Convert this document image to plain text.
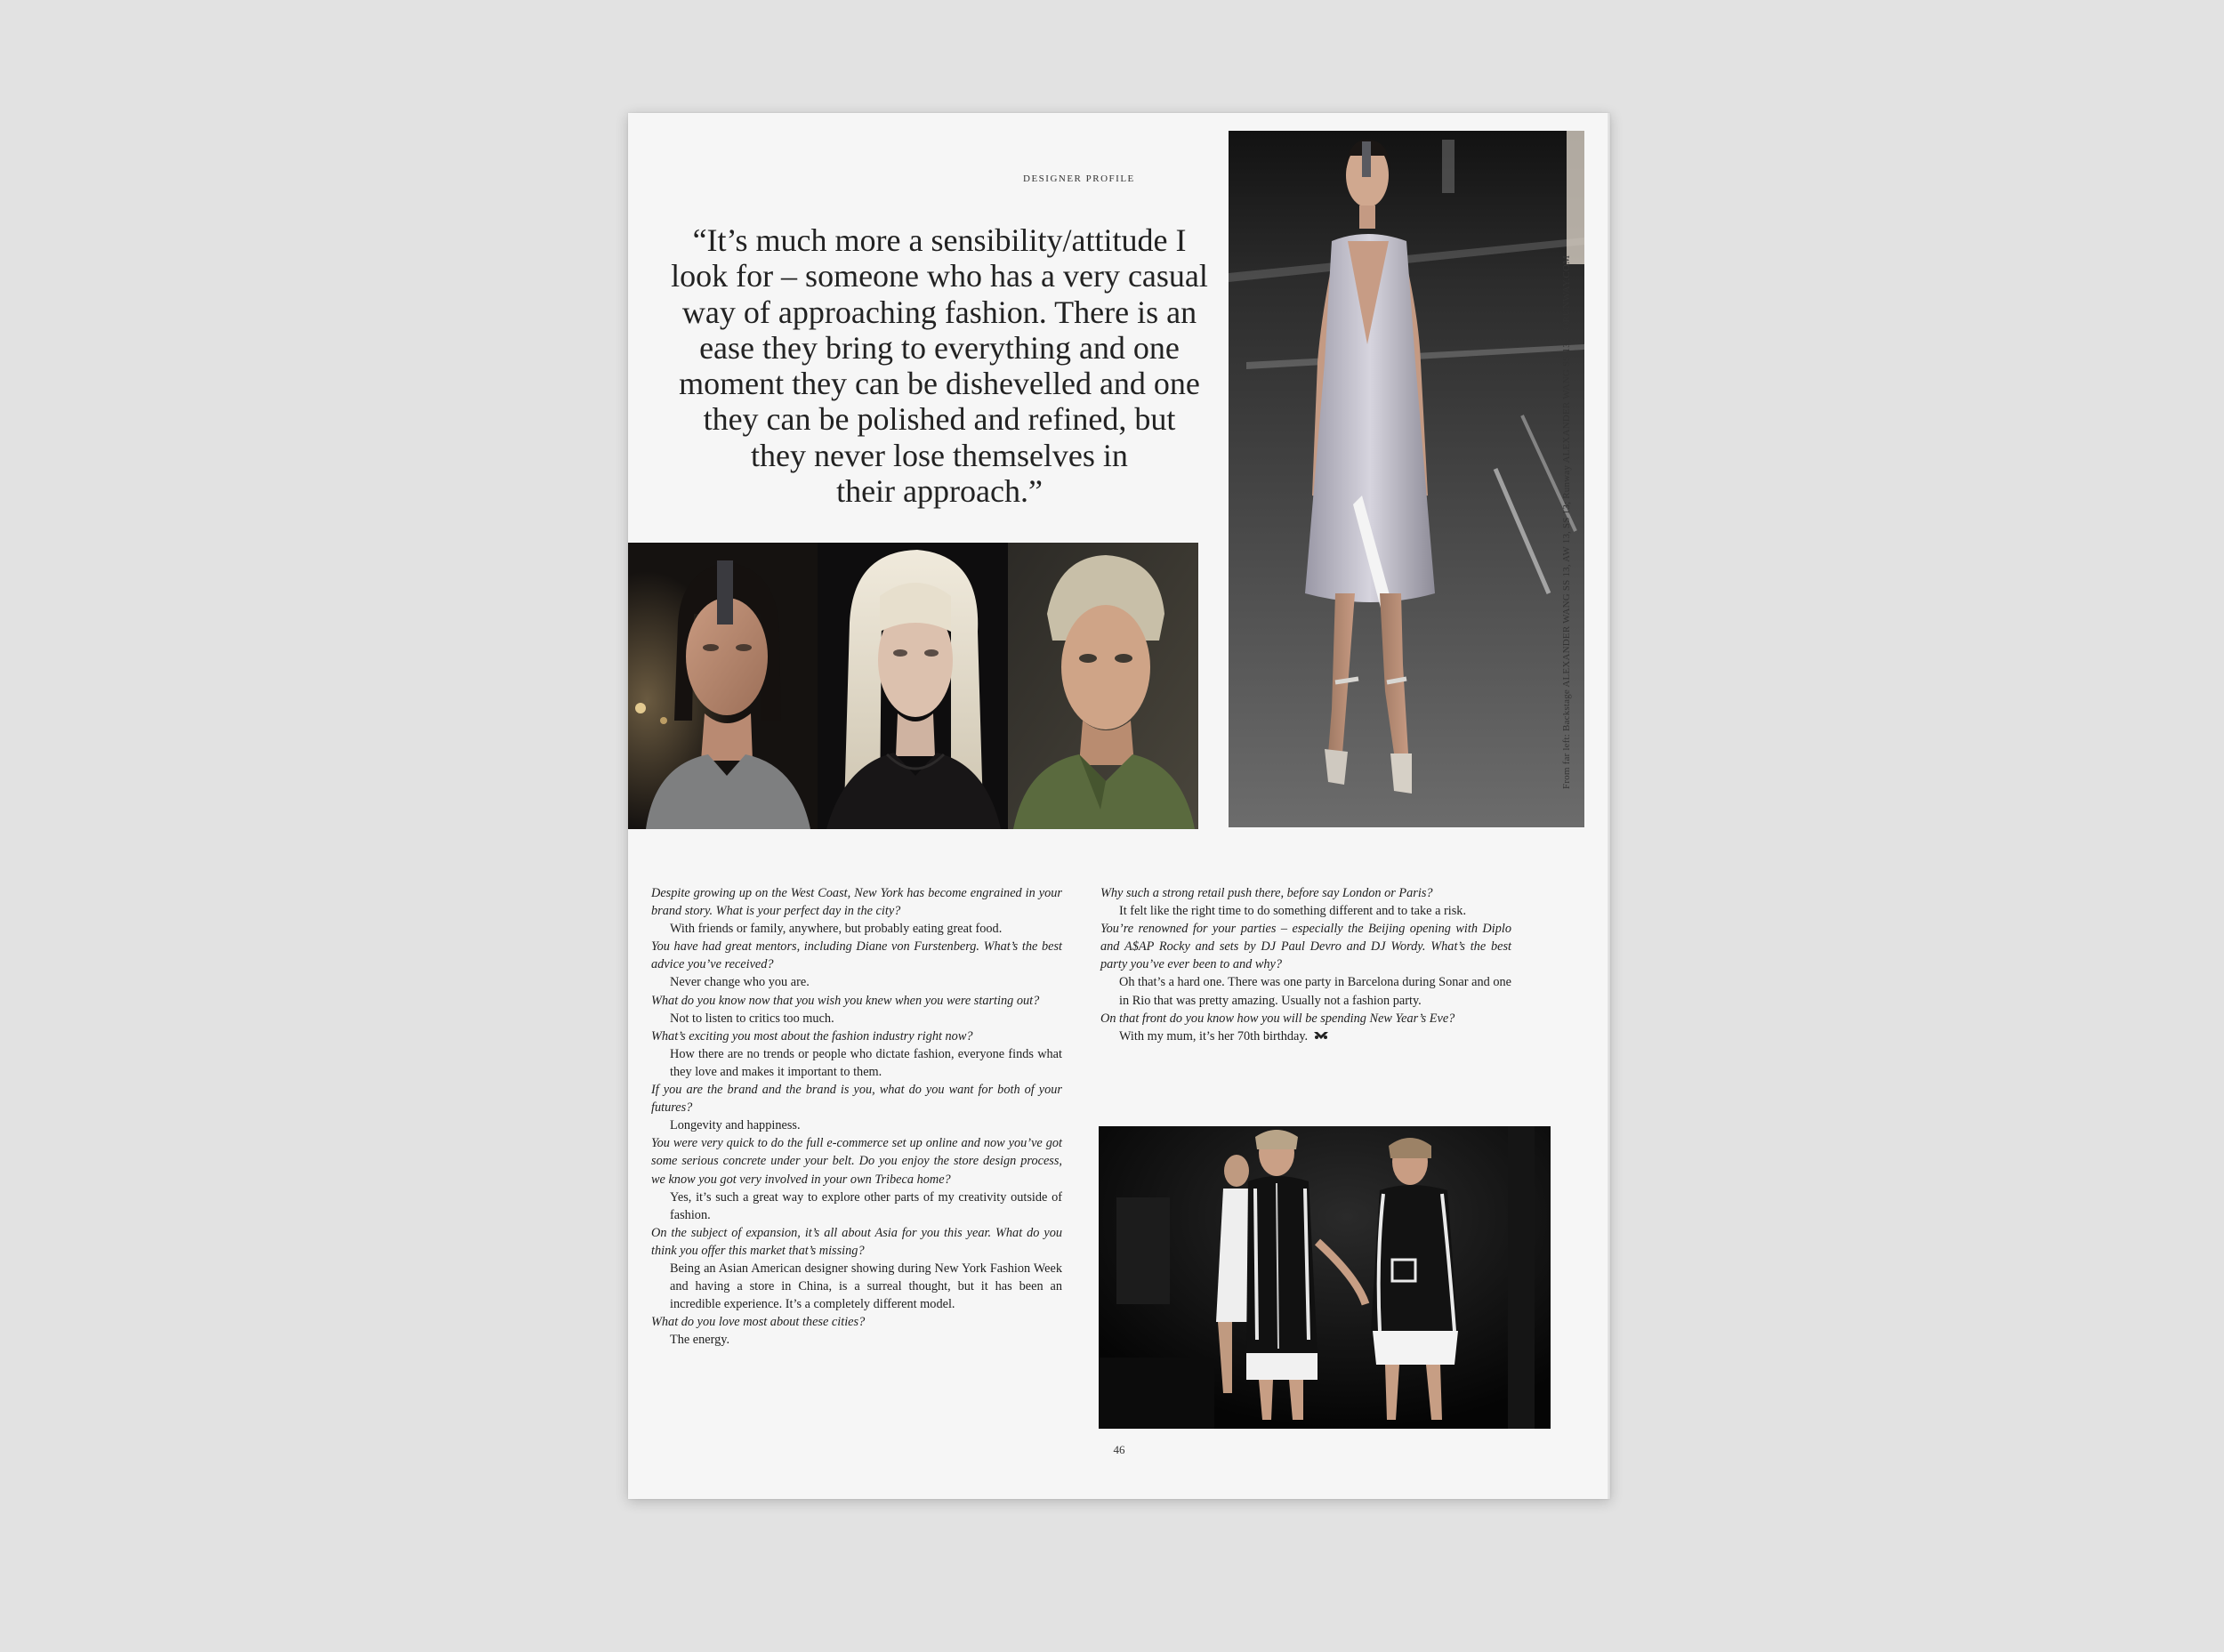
DESIGNER PROFILE

“It’s much more a sensibility/attitude I
look for – someone who has a very casual
way of approaching fashion. There is an
ease they bring to everything and one
moment they can be dishevelled and one
they can be polished and refined, but
they never lose themselves in
their approach.”	From far left: Backstage ALEXANDER WANG SS 13, AW 13, SS 13; Runway ALEXANDER WANG SS 13; GORUNWAY.COM
Despite growing up on the West Coast, New York has become engrained in your brand story. What is your perfect day in the city?
With friends or family, anywhere, but probably eating great food.
You have had great mentors, including Diane von Furstenberg. What’s the best advice you’ve received?
Never change who you are.
What do you know now that you wish you knew when you were starting out?
Not to listen to critics too much.
What’s exciting you most about the fashion industry right now?
How there are no trends or people who dictate fashion, everyone finds what they love and makes it important to them.
If you are the brand and the brand is you, what do you want for both of your futures?
Longevity and happiness.
You were very quick to do the full e-commerce set up online and now you’ve got some serious concrete under your belt. Do you enjoy the store design process, we know you got very involved in your own Tribeca home?
Yes, it’s such a great way to explore other parts of my creativity outside of fashion.
On the subject of expansion, it’s all about Asia for you this year. What do you think you offer this market that’s missing?
Being an Asian American designer showing during New York Fashion Week and having a store in China, is a surreal thought, but it has been an incredible experience. It’s a completely different model.
What do you love most about these cities?
The energy.
Why such a strong retail push there, before say London or Paris?
It felt like the right time to do something different and to take a risk.
You’re renowned for your parties – especially the Beijing opening with Diplo and A$AP Rocky and sets by DJ Paul Devro and DJ Wordy. What’s the best party you’ve ever been to and why?
Oh that’s a hard one. There was one party in Barcelona during Sonar and one in Rio that was pretty amazing. Usually not a fashion party.
On that front do you know how you will be spending New Year’s Eve?
With my mum, it’s her 70th birthday.
46
